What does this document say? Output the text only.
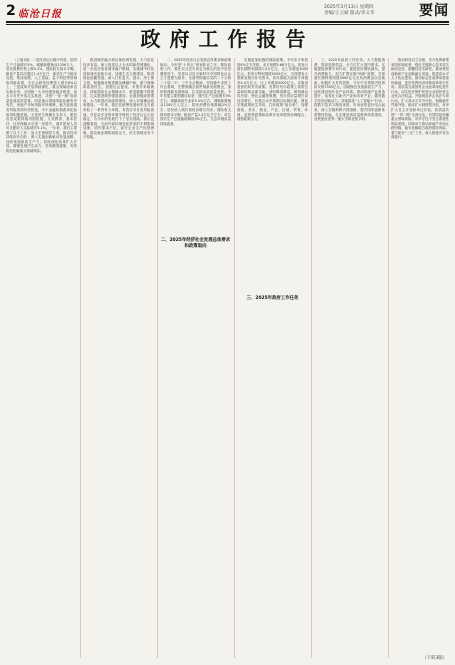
2 临沧日报
2025年3月13日 星期四
责编/王云斌 版式/李义华	要闻
政府工作报告

（上接1版）二是经济运行稳中有进，国内生产总值增长5%，城镇新增就业1256万人，居民消费价格上涨0.2%，国际收支基本平衡。粮食产量首次超过1.4万亿斤，新质生产力稳步发展，集成电路、人工智能、量子科技等领域取得新成果，全社会研发经费投入增长8%以上。三是改革开放持续深化，重点领域改革迈出新步伐，全国统一大市场建设稳步推进，高水平对外开放扎实推进，共建“一带一路”高质量发展成效显著。四是重点领域风险化解有序有效，房地产市场风险有所缓释，地方政府债务风险得到有效防范，中小金融机构改革化险取得积极进展。五是民生保障扎实有力，脱贫攻坚成果持续巩固拓展，义务教育、基本医疗、住房保障水平进一步提升，城乡居民人均可支配收入实际增长5.1%。一年来，我们主要做了以下工作：加大宏观调控力度，推动经济持续回升向好；深入实施创新驱动发展战略，加快发展新质生产力；持续深化改革扩大开放，增强发展内生动力；坚持精准施策，有效防范化解重点领域风险。

推进城乡融合和区域协调发展，大力优化经济布局。深入推进以人为本的新型城镇化，进一步放开放宽城市落户限制，实施城中村改造和城市更新行动。加强生态文明建设，推进绿色低碳发展。深入打好蓝天、碧水、净土保卫战，积极稳妥推进碳达峰碳中和。着力保障和改善民生，加强社会建设。多措并举稳就业，持续提高社会保障水平，推进健康中国建设，扎实推进教育强国建设。全面加强政府建设，大力推进法治政府建设，深入开展廉洁政府建设。一年来，我们在统筹发展和安全方面采取了一系列有力举措，有效应对各类风险挑战，在复杂多变的环境中保持了经济社会大局稳定，为今年的发展打下了坚实基础。我们也清醒看到，当前外部环境变化带来的不利影响加深，国内需求不足，部分企业生产经营困难，群众就业增收面临压力，民生领域还有不少短板。

二、2025年经济社会发展总体要求和政策取向。今年是“十四五”规划收官之年。做好政府工作，要在以习近平同志为核心的党中央坚强领导下，坚持以习近平新时代中国特色社会主义思想为指导，全面贯彻落实党的二十大和二十届二中、三中全会精神，坚持稳中求进工作总基调，完整准确全面贯彻新发展理念，加快构建新发展格局，扎实推动高质量发展。今年发展主要预期目标是：国内生产总值增长5%左右；城镇调查失业率5.5%左右，城镇新增就业1200万人以上；居民消费价格涨幅2%左右；居民收入增长和经济增长同步；国际收支保持基本平衡；粮食产量1.4万亿斤左右；单位国内生产总值能耗降低3%左右，生态环境质量持续改善。

实施更加积极的财政政策。今年赤字率拟按4%左右安排，赤字规模5.66万亿元。拟发行超长期特别国债1.3万亿元，比上年增加3000亿元。拟发行特别国债5000亿元，支持国有大型商业银行补充资本。拟安排地方政府专项债券4.4万亿元，比上年增加5000亿元。实施适度宽松的货币政策。发挥好货币政策工具的总量和结构双重功能，适时降准降息，保持流动性充裕，使社会融资规模、货币供应量增长同经济增长、价格总水平预期目标相匹配。强化宏观政策民生导向，打好政策“组合拳”。加强财政、货币、就业、产业、区域、贸易、环保、监管等政策和改革开放举措的协调配合，增强政策合力。

三、2025年政府工作任务。大力提振消费、提高投资效益，全方位扩大国内需求。实施提振消费专项行动，促进居民增收减负，提升消费能力。加力扩围实施“两新”政策，安排超长期特别国债3000亿元支持消费品以旧换新。积极扩大有效投资，今年中央预算内投资拟安排7350亿元。因地制宜发展新质生产力，加快建设现代化产业体系。推动传统产业改造提升，培育壮大新兴产业和未来产业，激发数字经济创新活力。持续推进“人工智能+”行动，将数字技术与制造优势、市场优势更好结合起来。深入实施科教兴国战略，提升国家创新体系整体效能。扎实推进高质量教育体系建设，加快建设世界一流大学和优势学科。

推动科技自立自强，充分发挥新型举国体制优势，强化关键核心技术攻关和前沿性、颠覆性技术研发。推动科技创新和产业创新融合发展。推进高水平人才队伍建设。推动标志性改革举措加快落地，更好发挥经济体制改革牵引作用。高质量完成国有企业改革深化提升行动，切实依法保护民营企业和民营企业家合法权益。开展规范涉企执法专项行动。扩大高水平对外开放，积极稳外贸稳外资。稳步扩大制度型开放，有序扩大自主开放和单边开放。高质量共建“一带一路”走深走实。有效防范化解重点领域风险，牢牢守住不发生系统性风险底线。持续用力推动房地产市场止跌回稳，稳妥化解地方政府债务风险。着力抓好“三农”工作，深入推进乡村全面振兴。

二、2025年经济社会发展总体要求和政策取向
三、2025年政府工作任务
（下转3版）
